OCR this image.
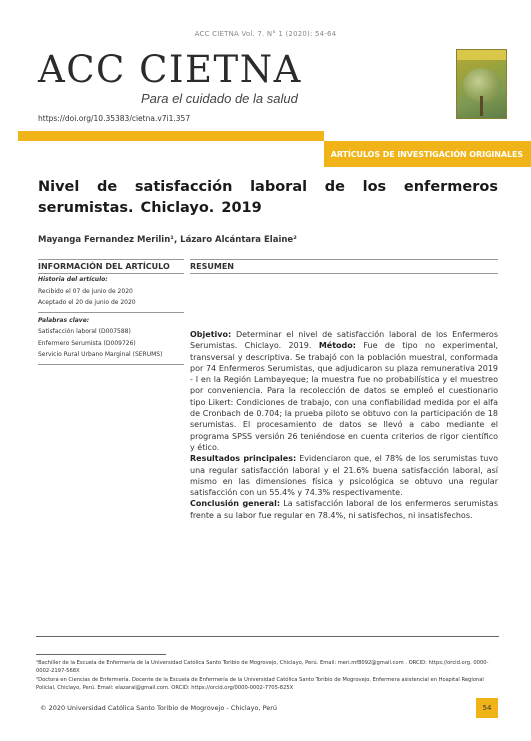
ACC CIETNA Vol. 7. N° 1 (2020): 54-64
ACC CIETNA
Para el cuidado de la salud
https://doi.org/10.35383/cietna.v7i1.357
ARTÍCULOS DE INVESTIGACIÓN ORIGINALES
Nivel de satisfacción laboral de los enfermeros serumistas. Chiclayo. 2019
Mayanga Fernandez Merilin¹, Lázaro Alcántara Elaine²
INFORMACIÓN DEL ARTÍCULO	RESUMEN
Historia del artículo:
Recibido el 07 de junio de 2020
Aceptado el 20 de junio de 2020
Palabras clave:
Satisfacción laboral (D007588)
Enfermero Serumista (D009726)
Servicio Rural Urbano Marginal (SERUMS)
Objetivo: Determinar el nivel de satisfacción laboral de los Enfermeros Serumistas. Chiclayo. 2019. Método: Fue de tipo no experimental, transversal y descriptiva. Se trabajó con la población muestral, conformada por 74 Enfermeros Serumistas, que adjudicaron su plaza remunerativa 2019 - I en la Región Lambayeque; la muestra fue no probabilística y el muestreo por conveniencia. Para la recolección de datos se empleó el cuestionario tipo Likert: Condiciones de trabajo, con una confiabilidad medida por el alfa de Cronbach de 0.704; la prueba piloto se obtuvo con la participación de 18 serumistas. El procesamiento de datos se llevó a cabo mediante el programa SPSS versión 26 teniéndose en cuenta criterios de rigor científico y ético.
Resultados principales: Evidenciaron que, el 78% de los serumistas tuvo una regular satisfacción laboral y el 21.6% buena satisfacción laboral, así mismo en las dimensiones física y psicológica se obtuvo una regular satisfacción con un 55.4% y 74.3% respectivamente.
Conclusión general: La satisfacción laboral de los enfermeros serumistas frente a su labor fue regular en 78.4%, ni satisfechos, ni insatisfechos.
¹Bachiller de la Escuela de Enfermería de la Universidad Católica Santo Toribio de Mogrovejo, Chiclayo, Perú. Email: meri.mf8092@gmail.com . ORCID: https://orcid.org. 0000-0002-2197-568X
²Doctora en Ciencias de Enfermería. Docente de la Escuela de Enfermería de la Universidad Católica Santo Toribio de Mogrovejo. Enfermera asistencial en Hospital Regional Policial, Chiclayo, Perú. Email: elazaral@gmail.com. ORCID: https://orcid.org/0000-0002-7705-825X
© 2020 Universidad Católica Santo Toribio de Mogrovejo - Chiclayo, Perú	54
